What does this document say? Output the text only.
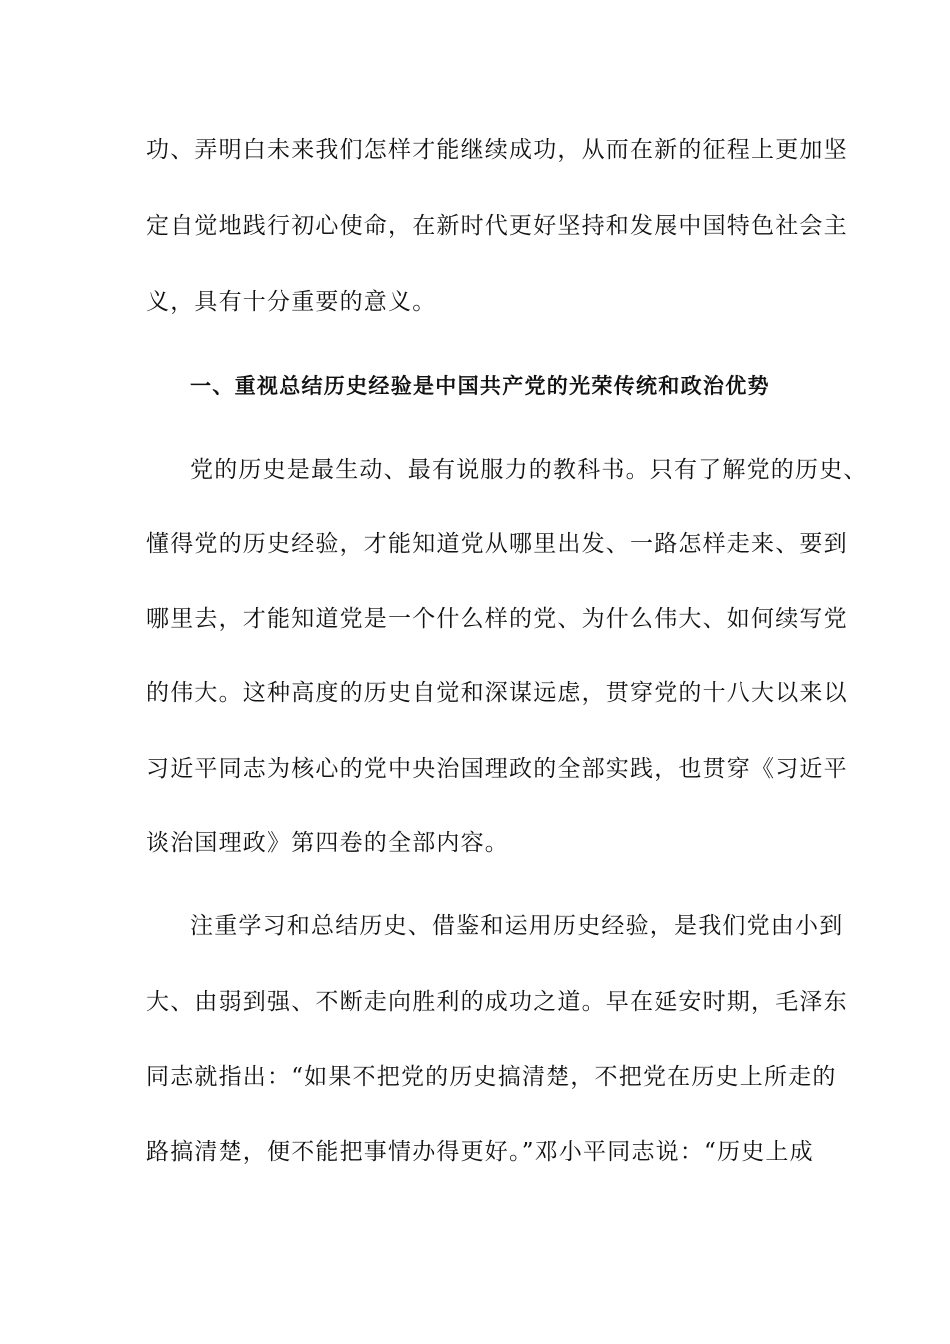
功、弄明白未来我们怎样才能继续成功，从而在新的征程上更加坚
定自觉地践行初心使命，在新时代更好坚持和发展中国特色社会主
义，具有十分重要的意义。
一、重视总结历史经验是中国共产党的光荣传统和政治优势
党的历史是最生动、最有说服力的教科书。只有了解党的历史、
懂得党的历史经验，才能知道党从哪里出发、一路怎样走来、要到
哪里去，才能知道党是一个什么样的党、为什么伟大、如何续写党
的伟大。这种高度的历史自觉和深谋远虑，贯穿党的十八大以来以
习近平同志为核心的党中央治国理政的全部实践，也贯穿《习近平
谈治国理政》第四卷的全部内容。
注重学习和总结历史、借鉴和运用历史经验，是我们党由小到
大、由弱到强、不断走向胜利的成功之道。早在延安时期，毛泽东
同志就指出：“如果不把党的历史搞清楚，不把党在历史上所走的
路搞清楚，便不能把事情办得更好。”邓小平同志说：“历史上成
